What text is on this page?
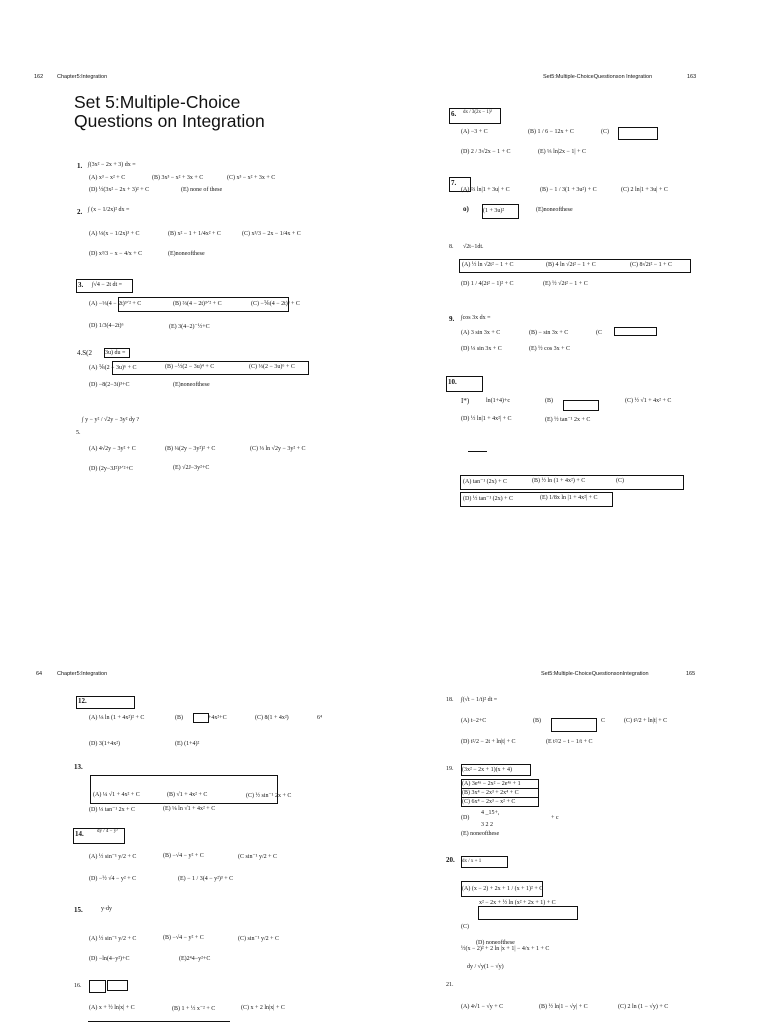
162	Chapter5:Integration	Set5:Multiple-ChoiceQuestionson Integration	163
Set 5:Multiple-Choice
Questions on Integration
1. ∫(3x² − 2x + 3) dx =
(A) x³ − x² + C	(B) 3x³ − x² + 3x + C	(C) x³ − x² + 3x + C
(D) ½(3x² − 2x + 3)² + C	(E) none of these
2. ∫ (x − 1/2x)² dx =
(A) ⅓(x − 1/2x)³ + C	(B) x² − 1 + 1/4x² + C	(C) x³/3 − 2x − 1/4x + C
(D) x³/3 − x − 4/x + C	(E)noneofthese
3. ∫√4 − 2t dt =
(A) −⅓(4 − 2t)³ᐟ² + C	(B) ⅔(4 − 2t)³ᐟ² + C	(C) −⅙(4 − 2t)³ + C
(D) 1/3(4−2t)⁶	(E) 3(4−2)⁻½+C
4.S(2 3u) du =
(A) ⅙(2 − 3u)⁶ + C	(B) −½(2 − 3u)⁴ + C	(C) ⅓(2 − 3u)⁶ + C
(D) −8(2−3i)³+C	(E)noneofthese
∫ y − y² / √2y − 3y² dy ?
5.
(A) 4√2y − 3y² + C	(B) ¼(2y − 3y²)² + C	(C) ⅓ ln √2y − 3y² + C
(D) (2y−3J²)³ᐟ²+C	(E) √2J−3y²+C
6. dx / 3(2x − 1)²
(A) −3 + C	(B) 1 / 6 − 12x + C	(C)
(D) 2 / 3√2x − 1 + C	(E) ⅓ ln|2x − 1| + C
7.
(A) ⅔ ln|1 + 3u| + C	(B) − 1 / 3(1 + 3u²) + C	(C) 2 ln|1 + 3u| + C
o) (1 + 3u)²	(E)noneofthese
8. √2t−1dt.
(A) ½ ln √2t² − 1 + C	(B) 4 ln √2t² − 1 + C	(C) 8√2t² − 1 + C
(D) 1 / 4(2t² − 1)² + C	(E) ½ √2t² − 1 + C
9. ∫cos 3x dx =
(A) 3 sin 3x + C	(B) − sin 3x + C	(C
(D) ⅓ sin 3x + C	(E) ½ cos 3x + C
10.
I*)	ln(1+4)+c	(B)	(C) ½ √1 + 4x² + C
(D) ½ ln|1 + 4x²| + C	(E) ½ tan⁻¹ 2x + C
(A) tan⁻¹ (2x) + C	(B) ½ ln (1 + 4x²) + C	(C)
(D) ½ tan⁻¹ (2x) + C	(E) 1/8x ln |1 + 4x²| + C
64	Chapter5:Integration	Set5:Multiple-ChoiceQuestionsonIntegration	165
12.
(A) ⅛ ln (1 + 4x²)² + C	(B)	+4x²+C	(C) 8(1 + 4x²)	6⁴
(D) 3(1+4x²)	(E) (1+4)²
13.
(A) ¼ √1 + 4x² + C	(B) √1 + 4x² + C	(C) ½ sin⁻¹ 2x + C
(D) ⅓ tan⁻¹ 2x + C	(E) ⅛ ln √1 + 4x² + C
14.	dy / 4 − y²
(A) ½ sin⁻¹ y/2 + C	(B) −√4 − y² + C	(C sin⁻¹ y/2 + C
(D) −½ √4 − y² + C	(E) − 1 / 3(4 − y²)³ + C
15.	y·dy
(A) ½ sin⁻¹ y/2 + C	(B) −√4 − y² + C	(C) sin⁻¹ y/2 + C
(D) −ln(4−y²)+C	(E)2⁴4−y²+C
16.
(A) x + ½ ln|x| + C	(B) 1 + ½ x⁻² + C	(C) x + 2 ln|x| + C
18. ∫(√t − 1/t)² dt =
(A) t−2+C	(B)	C	(C) t²/2 + ln|t| + C
(D) t²/2 − 2t + ln|t| + C	(E t²/2 − t − 1/t + C
19. (3x² − 2x + 1)(x + 4)
(A) 3e⁴ᵃ − 2x² − 2e⁴ᵃ + 1
(B) 3x⁴ − 2x³ + 2x⁴ + C
(C) 6x⁴ − 2x³ − x² + C
(D)
4 _15+,
+ c
3 2 2
(E) noneofthese
20. dx / x + 1
(A) (x − 2) + 2x + 1 / (x + 1)² + C
x² − 2x + ½ ln (x² + 2x + 1) + C
(C)
(D) noneofthese
½(x − 2)² + 2 ln |x + 1| − 4/x + 1 + C
dy / √y(1 − √y)
21.
(A) 4√1 − √y + C	(B) ½ ln|1 − √y| + C	(C) 2 ln (1 − √y) + C
